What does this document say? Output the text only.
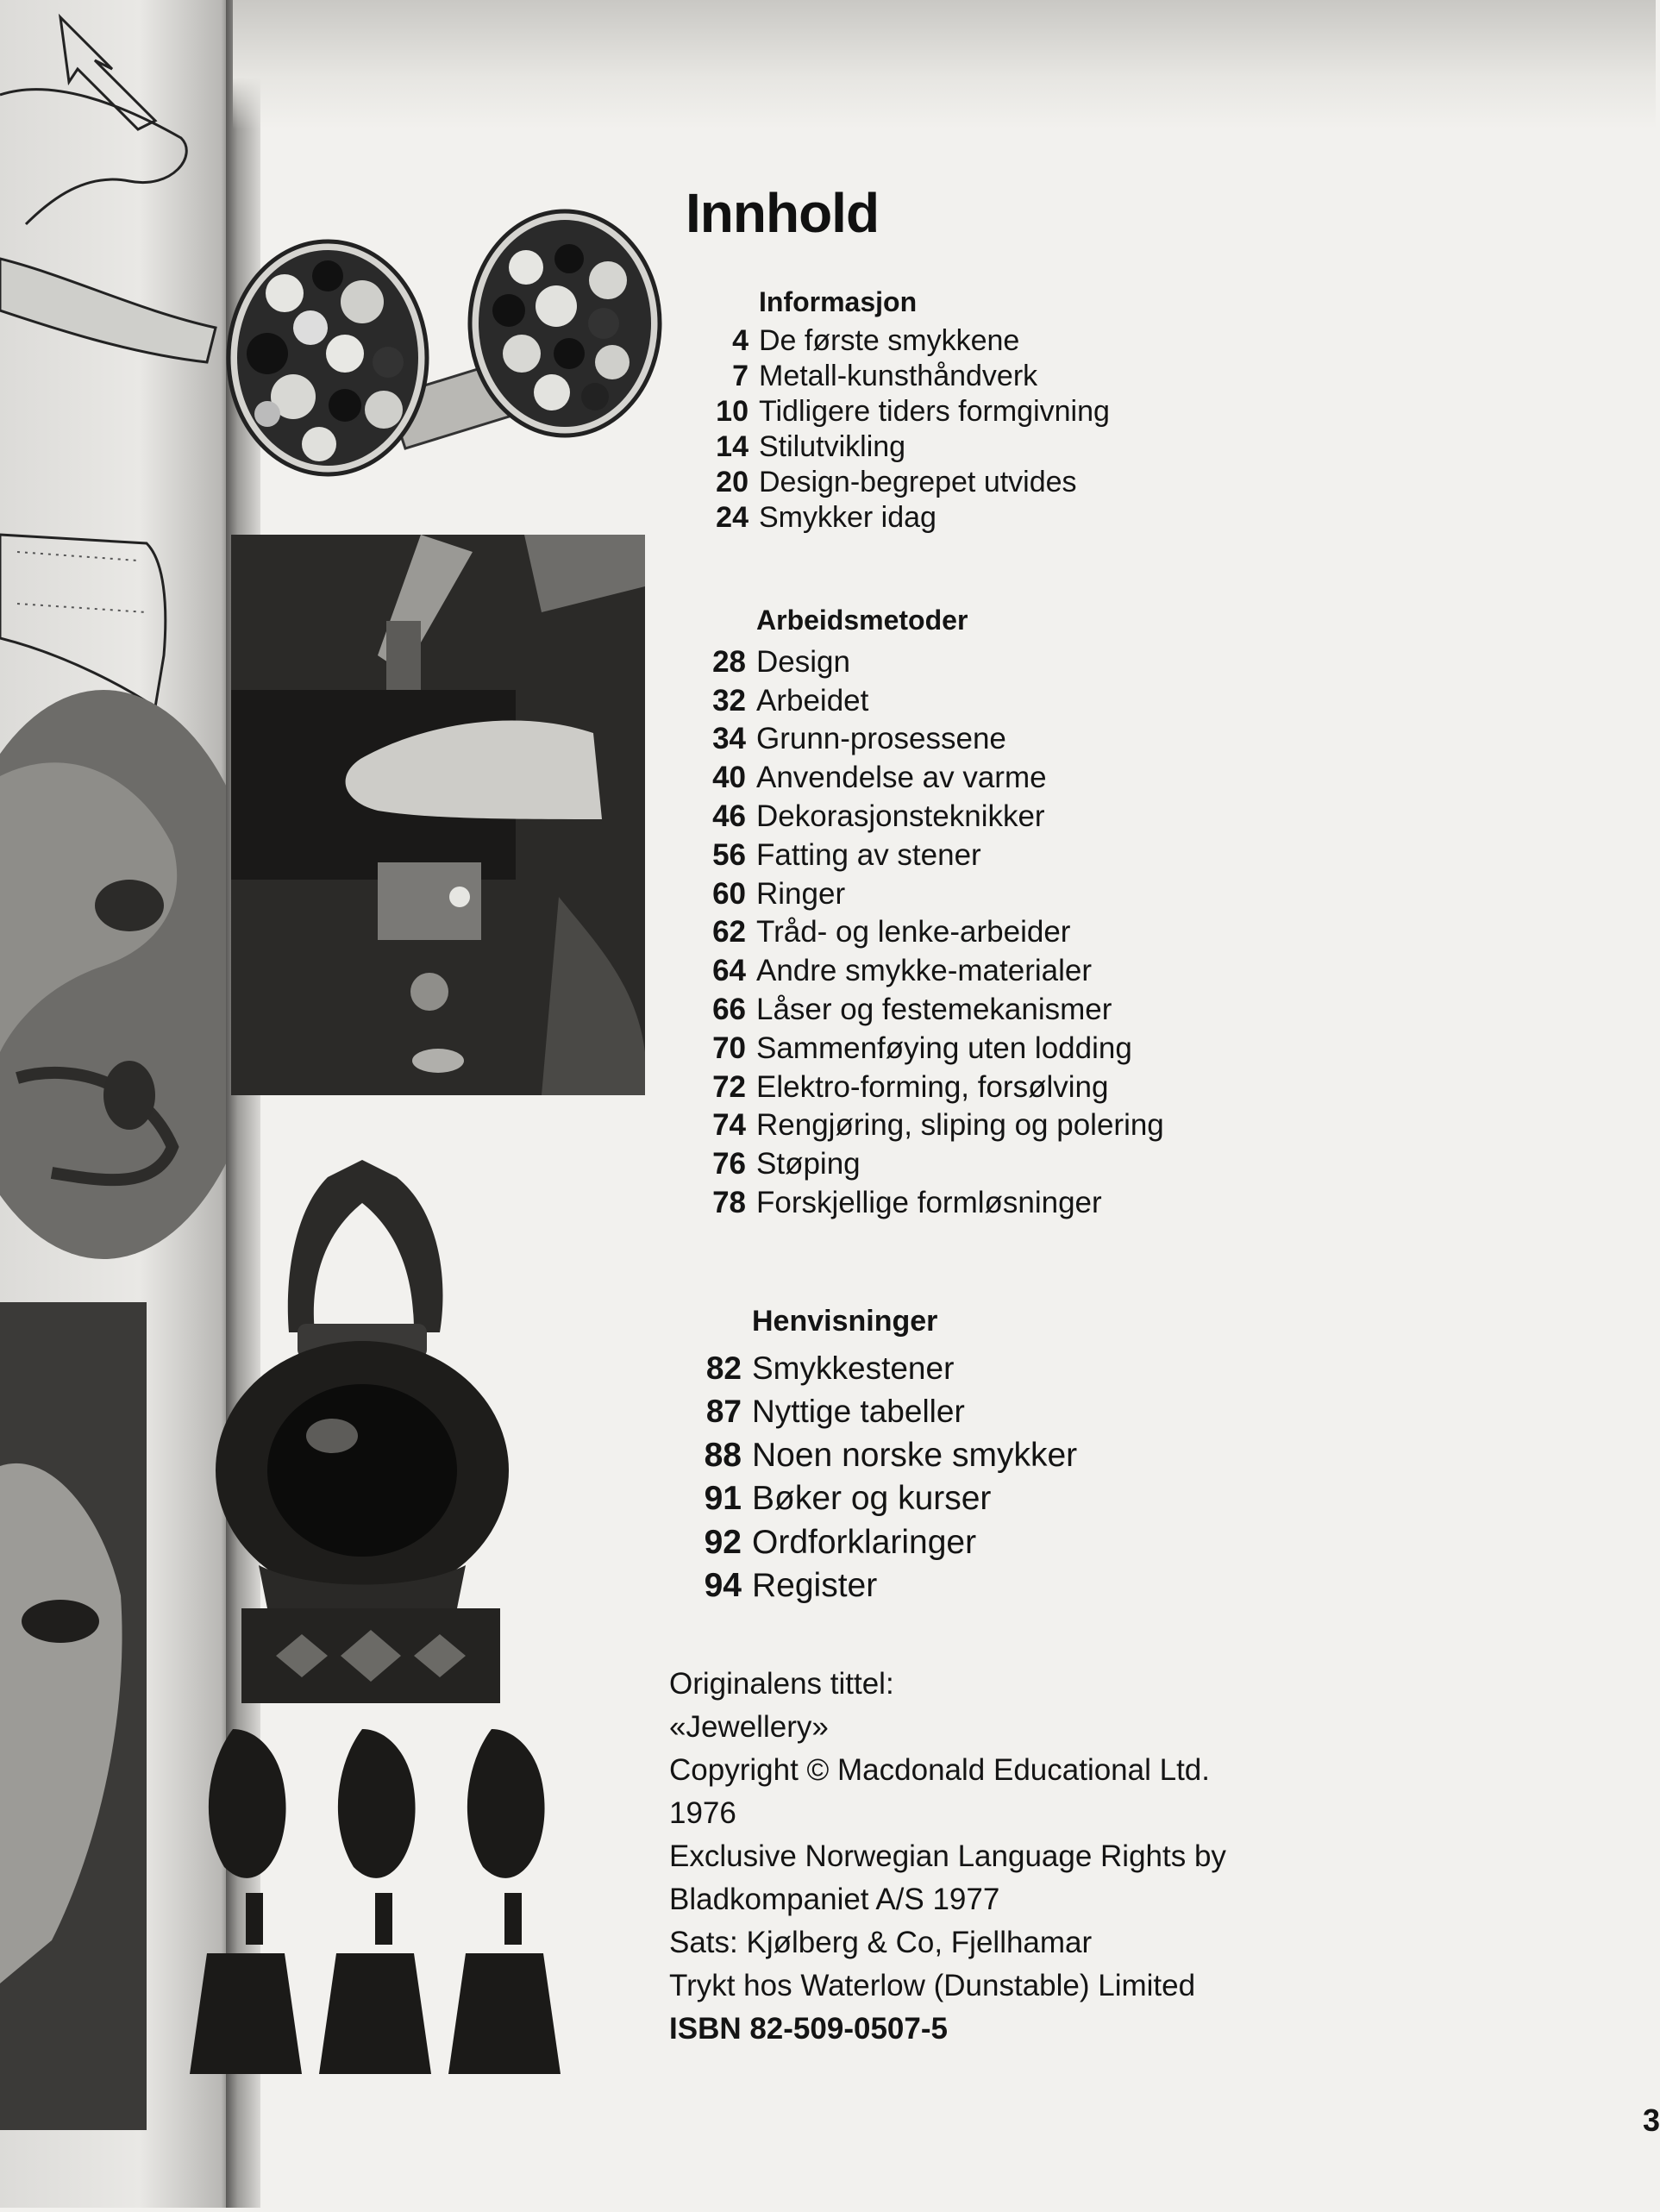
Innhold
Informasjon
4 De første smykkene
7 Metall-kunsthåndverk
10 Tidligere tiders formgivning
14 Stilutvikling
20 Design-begrepet utvides
24 Smykker idag
Arbeidsmetoder
28 Design
32 Arbeidet
34 Grunn-prosessene
40 Anvendelse av varme
46 Dekorasjonsteknikker
56 Fatting av stener
60 Ringer
62 Tråd- og lenke-arbeider
64 Andre smykke-materialer
66 Låser og festemekanismer
70 Sammenføying uten lodding
72 Elektro-forming, forsølving
74 Rengjøring, sliping og polering
76 Støping
78 Forskjellige formløsninger
Henvisninger
82 Smykkestener
87 Nyttige tabeller
88 Noen norske smykker
91 Bøker og kurser
92 Ordforklaringer
94 Register
Originalens tittel:
«Jewellery»
Copyright © Macdonald Educational Ltd.
1976
Exclusive Norwegian Language Rights by
Bladkompaniet A/S 1977
Sats: Kjølberg & Co, Fjellhamar
Trykt hos Waterlow (Dunstable) Limited
ISBN 82-509-0507-5
3
